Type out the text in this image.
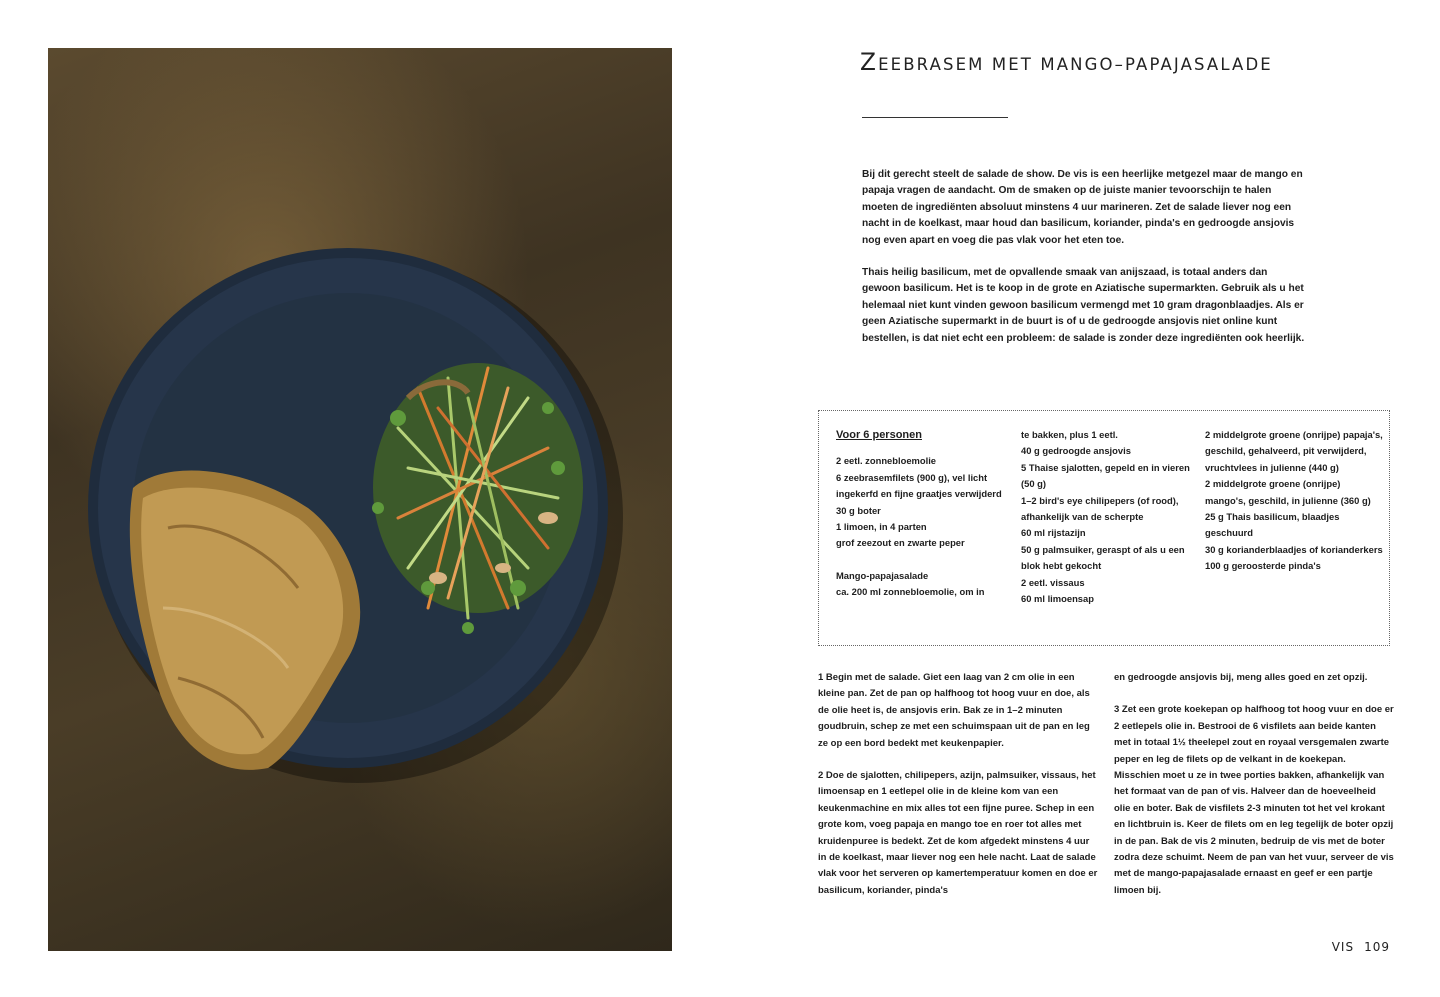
ZEEBRASEM MET MANGO–PAPAJASALADE

Bij dit gerecht steelt de salade de show. De vis is een heerlijke metgezel maar de mango en papaja vragen de aandacht. Om de smaken op de juiste manier tevoorschijn te halen moeten de ingrediënten absoluut minstens 4 uur marineren. Zet de salade liever nog een nacht in de koelkast, maar houd dan basilicum, koriander, pinda's en gedroogde ansjovis nog even apart en voeg die pas vlak voor het eten toe.

Thais heilig basilicum, met de opvallende smaak van anijszaad, is totaal anders dan gewoon basilicum. Het is te koop in de grote en Aziatische supermarkten. Gebruik als u het helemaal niet kunt vinden gewoon basilicum vermengd met 10 gram dragonblaadjes. Als er geen Aziatische supermarkt in de buurt is of u de gedroogde ansjovis niet online kunt bestellen, is dat niet echt een probleem: de salade is zonder deze ingrediënten ook heerlijk.

Voor 6 personen

2 eetl. zonnebloemolie

6 zeebrasemfilets (900 g), vel licht ingekerfd en fijne graatjes verwijderd

30 g boter

1 limoen, in 4 parten

grof zeezout en zwarte peper

Mango-papajasalade

ca. 200 ml zonnebloemolie, om in

te bakken, plus 1 eetl.

40 g gedroogde ansjovis

5 Thaise sjalotten, gepeld en in vieren (50 g)

1–2 bird's eye chilipepers (of rood), afhankelijk van de scherpte

60 ml rijstazijn

50 g palmsuiker, geraspt of als u een blok hebt gekocht

2 eetl. vissaus

60 ml limoensap

2 middelgrote groene (onrijpe) papaja's, geschild, gehalveerd, pit verwijderd, vruchtvlees in julienne (440 g)

2 middelgrote groene (onrijpe) mango's, geschild, in julienne (360 g)

25 g Thais basilicum, blaadjes geschuurd

30 g korianderblaadjes of korianderkers

100 g geroosterde pinda's

1 Begin met de salade. Giet een laag van 2 cm olie in een kleine pan. Zet de pan op halfhoog tot hoog vuur en doe, als de olie heet is, de ansjovis erin. Bak ze in 1–2 minuten goudbruin, schep ze met een schuimspaan uit de pan en leg ze op een bord bedekt met keukenpapier.

2 Doe de sjalotten, chilipepers, azijn, palmsuiker, vissaus, het limoensap en 1 eetlepel olie in de kleine kom van een keukenmachine en mix alles tot een fijne puree. Schep in een grote kom, voeg papaja en mango toe en roer tot alles met kruidenpuree is bedekt. Zet de kom afgedekt minstens 4 uur in de koelkast, maar liever nog een hele nacht. Laat de salade vlak voor het serveren op kamertemperatuur komen en doe er basilicum, koriander, pinda's

en gedroogde ansjovis bij, meng alles goed en zet opzij.

3 Zet een grote koekepan op halfhoog tot hoog vuur en doe er 2 eetlepels olie in. Bestrooi de 6 visfilets aan beide kanten met in totaal 1½ theelepel zout en royaal versgemalen zwarte peper en leg de filets op de velkant in de koekepan. Misschien moet u ze in twee porties bakken, afhankelijk van het formaat van de pan of vis. Halveer dan de hoeveelheid olie en boter. Bak de visfilets 2-3 minuten tot het vel krokant en lichtbruin is. Keer de filets om en leg tegelijk de boter opzij in de pan. Bak de vis 2 minuten, bedruip de vis met de boter zodra deze schuimt. Neem de pan van het vuur, serveer de vis met de mango-papajasalade ernaast en geef er een partje limoen bij.

VIS 109
